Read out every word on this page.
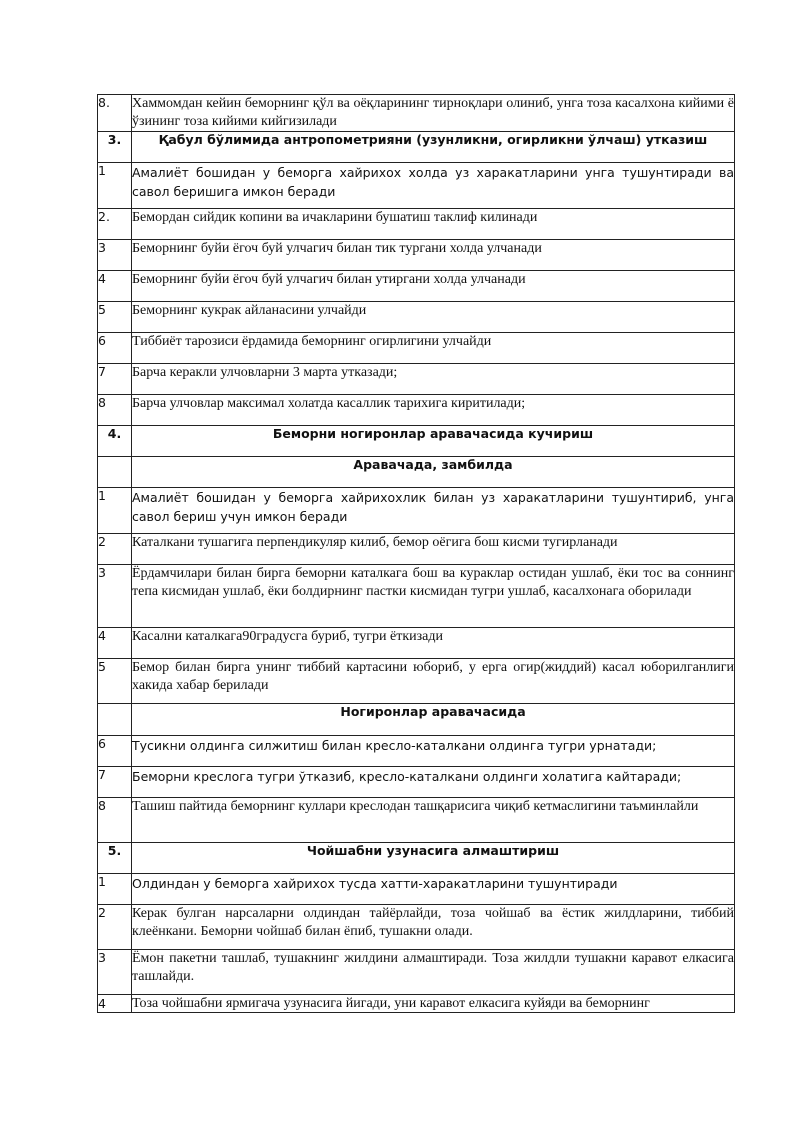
8.	Хаммомдан кейин беморнинг қўл ва оёқларининг тирноқлари олиниб, унга тоза касалхона кийими ё ўзининг тоза кийими кийгизилади
3.	Қабул бўлимида антропометрияни (узунликни, огирликни ўлчаш) утказиш
1	Амалиёт бошидан у беморга хайрихох холда уз харакатларини унга тушунтиради ва савол беришига имкон беради
2.	Бемордан сийдик копини ва ичакларини бушатиш таклиф килинади
3	Беморнинг буйи ёгоч буй улчагич билан тик тургани холда улчанади
4	Беморнинг буйи ёгоч буй улчагич билан утиргани холда улчанади
5	Беморнинг кукрак айланасини улчайди
6	Тиббиёт тарозиси ёрдамида беморнинг огирлигини улчайди
7	Барча керакли улчовларни 3 марта утказади;
8	Барча улчовлар максимал холатда касаллик тарихига киритилади;
4.	Беморни ногиронлар аравачасида кучириш
	Аравачада, замбилда
1	Амалиёт бошидан у беморга хайрихохлик билан уз харакатларини тушунтириб, унга савол бериш учун имкон беради
2	Каталкани тушагига перпендикуляр килиб, бемор оёгига бош кисми тугирланади
3	Ёрдамчилари билан бирга беморни каталкага бош ва кураклар остидан ушлаб, ёки тос ва соннинг тепа кисмидан ушлаб, ёки болдирнинг пастки кисмидан тугри ушлаб, касалхонага оборилади
4	Касални каталкага90градусга буриб, тугри ёткизади
5	Бемор билан бирга унинг тиббий картасини юбориб, у ерга огир(жиддий) касал юборилганлиги хакида хабар берилади
	Ногиронлар аравачасида
6	Тусикни олдинга силжитиш билан кресло-каталкани олдинга тугри урнатади;
7	Беморни креслога тугри ўтказиб, кресло-каталкани олдинги холатига кайтаради;
8	Ташиш пайтида беморнинг куллари креслодан ташқарисига чиқиб кетмаслигини таъминлайли
5.	Чойшабни узунасига алмаштириш
1	Олдиндан у беморга хайрихох тусда хатти-харакатларини тушунтиради
2	Керак булган нарсаларни олдиндан тайёрлайди, тоза чойшаб ва ёстик жилдларини, тиббий клеёнкани. Беморни чойшаб билан ёпиб, тушакни олади.
3	Ёмон пакетни ташлаб, тушакнинг жилдини алмаштиради. Тоза жилдли тушакни каравот елкасига ташлайди.
4	Тоза чойшабни ярмигача узунасига йигади, уни каравот елкасига куйяди ва беморнинг
